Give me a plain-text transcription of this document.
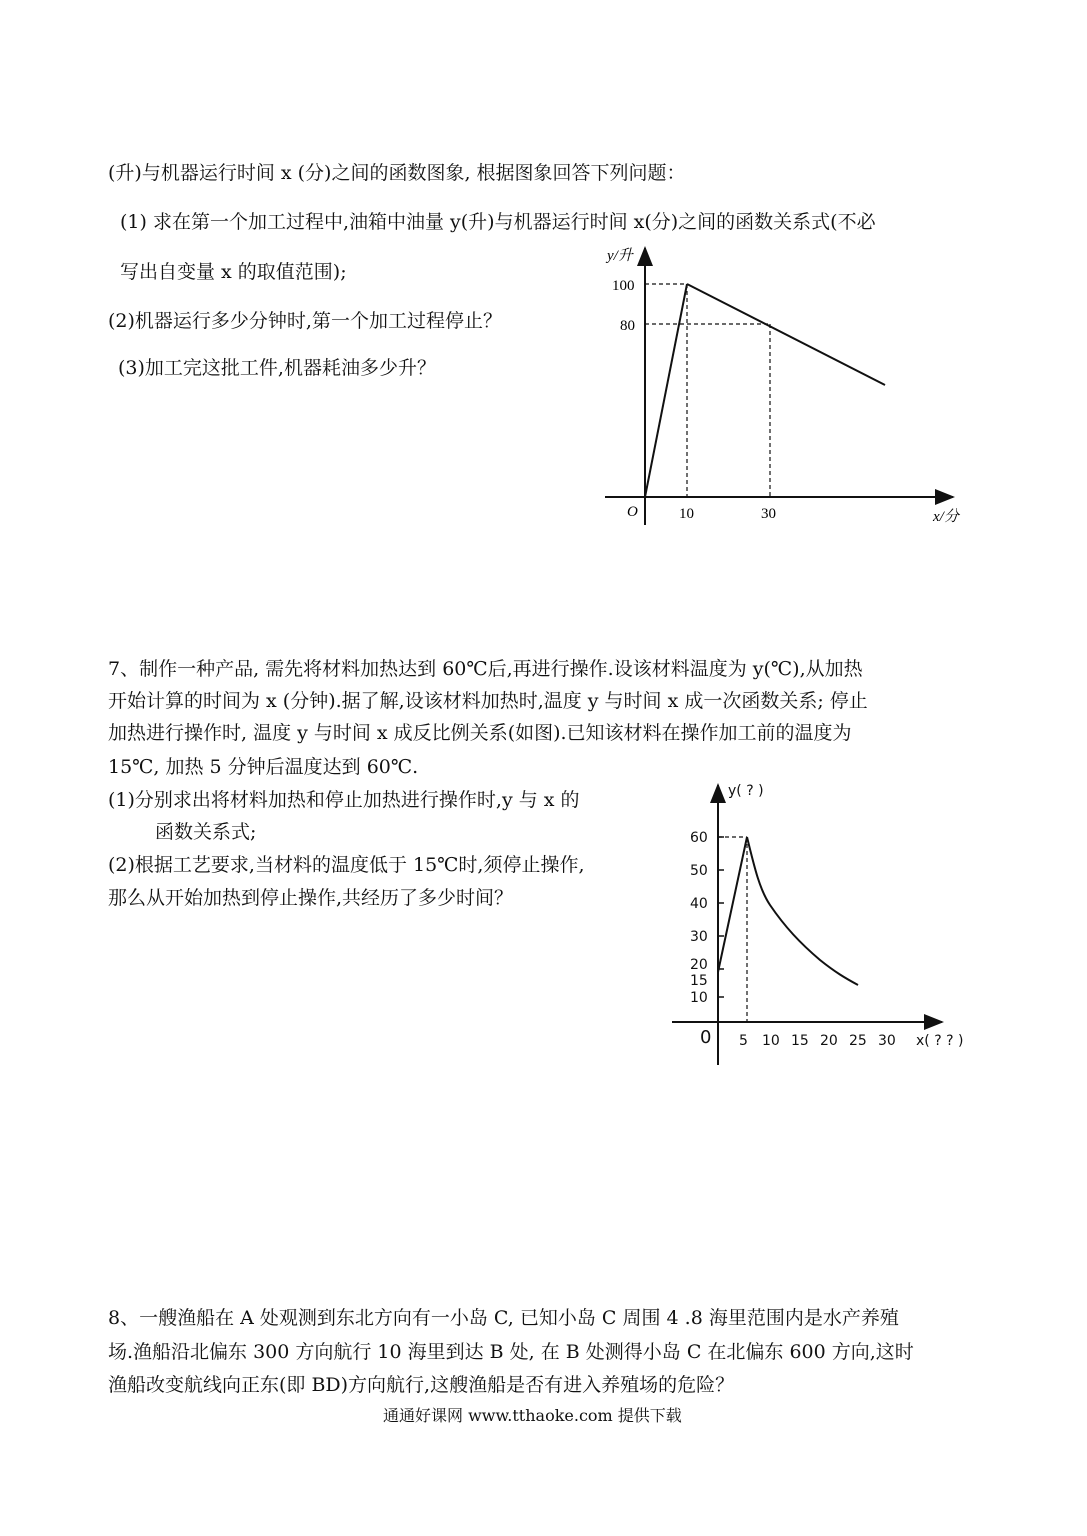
(升)与机器运行时间 x (分)之间的函数图象, 根据图象回答下列问题：
(1) 求在第一个加工过程中,油箱中油量 y(升)与机器运行时间 x(分)之间的函数关系式(不必
写出自变量 x 的取值范围);
(2)机器运行多少分钟时,第一个加工过程停止？
(3)加工完这批工件,机器耗油多少升？
y/升
100
80
O	10	30	x/分
7、制作一种产品, 需先将材料加热达到 60℃后,再进行操作.设该材料温度为 y(℃),从加热
开始计算的时间为 x (分钟).据了解,设该材料加热时,温度 y 与时间 x 成一次函数关系; 停止
加热进行操作时, 温度 y 与时间 x 成反比例关系(如图).已知该材料在操作加工前的温度为
15℃, 加热 5 分钟后温度达到 60℃.
(1)分别求出将材料加热和停止加热进行操作时,y 与 x 的
函数关系式;
(2)根据工艺要求,当材料的温度低于 15℃时,须停止操作,
那么从开始加热到停止操作,共经历了多少时间？
60
50
40
30
20
15
10
0 5 10 15 20 25 30 x( ? ? )
y( ? )
8、一艘渔船在 A 处观测到东北方向有一小岛 C, 已知小岛 C 周围 4 .8 海里范围内是水产养殖
场.渔船沿北偏东 300 方向航行 10 海里到达 B 处, 在 B 处测得小岛 C 在北偏东 600 方向,这时
渔船改变航线向正东(即 BD)方向航行,这艘渔船是否有进入养殖场的危险？
通通好课网 www.tthaoke.com 提供下载
